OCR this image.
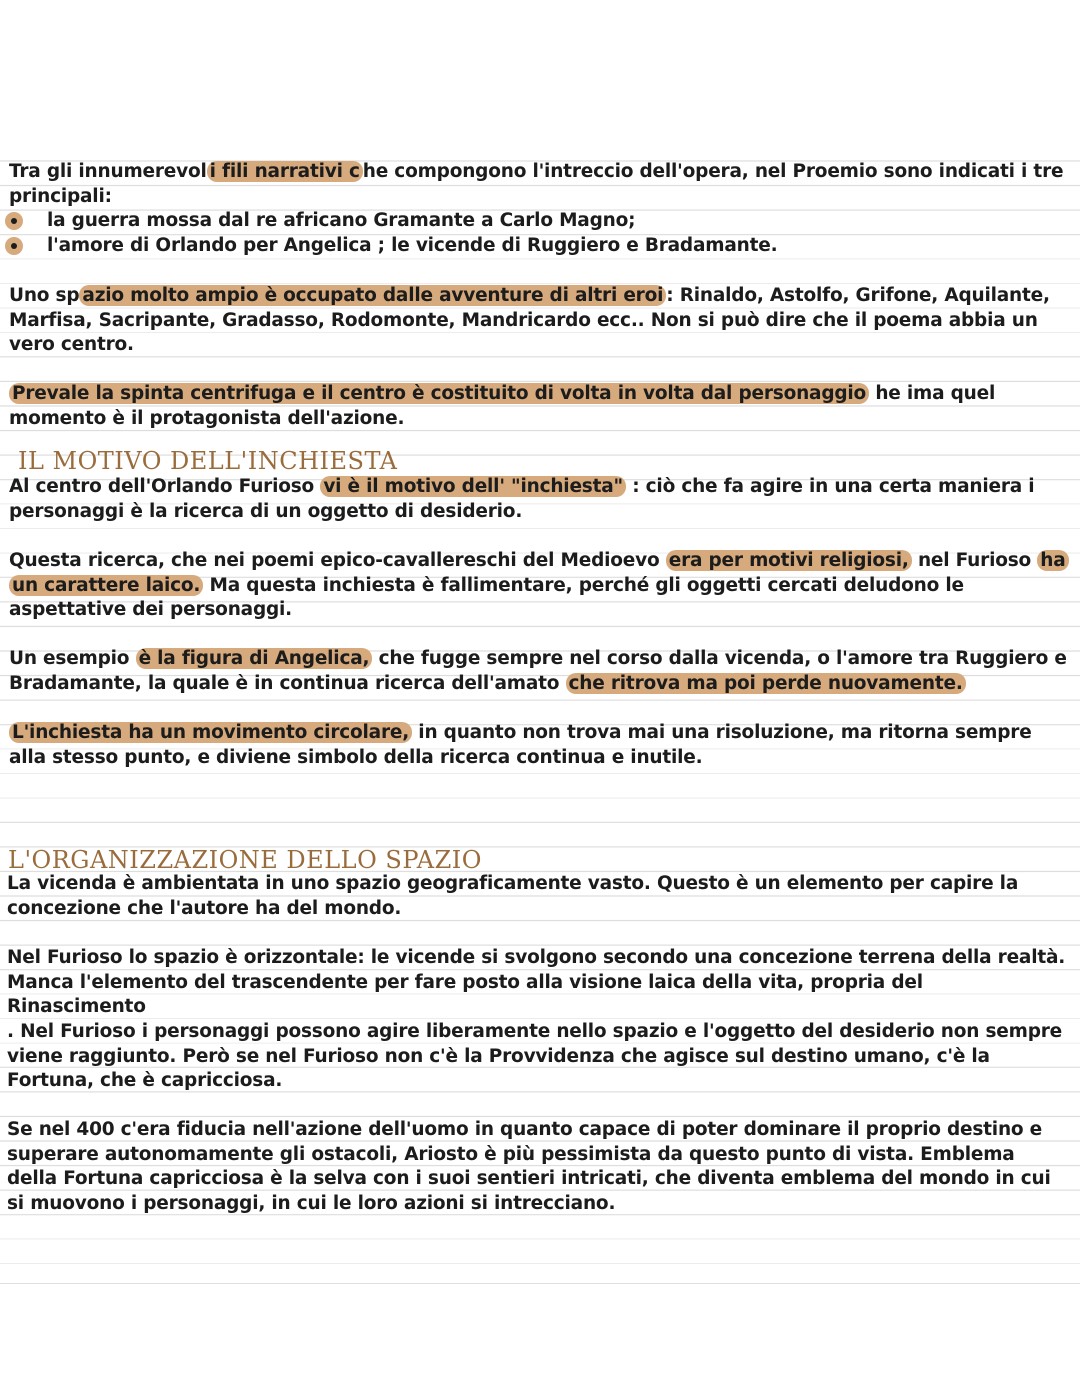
Tra gli innumerevol i fili narrativi c he compongono l'intreccio dell'opera, nel Proemio sono indicati i tre principali:
la guerra mossa dal re africano Gramante a Carlo Magno;
l'amore di Orlando per Angelica ; le vicende di Ruggiero e Bradamante.
Uno sp azio molto ampio è occupato dalle avventure di altri eroi : Rinaldo, Astolfo, Grifone, Aquilante, Marfisa, Sacripante, Gradasso, Rodomonte, Mandricardo ecc.. Non si può dire che il poema abbia un vero centro.
Prevale la spinta centrifuga e il centro è costituito di volta in volta dal personaggio he ima quel momento è il protagonista dell'azione.
IL MOTIVO DELL'INCHIESTA
Al centro dell'Orlando Furioso vi è il motivo dell' "inchiesta" : ciò che fa agire in una certa maniera i personaggi è la ricerca di un oggetto di desiderio.
Questa ricerca, che nei poemi epico-cavallereschi del Medioevo era per motivi religiosi, nel Furioso ha un carattere laico. Ma questa inchiesta è fallimentare, perché gli oggetti cercati deludono le aspettative dei personaggi.
Un esempio è la figura di Angelica, che fugge sempre nel corso dalla vicenda, o l'amore tra Ruggiero e Bradamante, la quale è in continua ricerca dell'amato che ritrova ma poi perde nuovamente.
L'inchiesta ha un movimento circolare, in quanto non trova mai una risoluzione, ma ritorna sempre alla stesso punto, e diviene simbolo della ricerca continua e inutile.
L'ORGANIZZAZIONE DELLO SPAZIO
La vicenda è ambientata in uno spazio geograficamente vasto. Questo è un elemento per capire la concezione che l'autore ha del mondo.
Nel Furioso lo spazio è orizzontale: le vicende si svolgono secondo una concezione terrena della realtà. Manca l'elemento del trascendente per fare posto alla visione laica della vita, propria del Rinascimento
. Nel Furioso i personaggi possono agire liberamente nello spazio e l'oggetto del desiderio non sempre viene raggiunto. Però se nel Furioso non c'è la Provvidenza che agisce sul destino umano, c'è la Fortuna, che è capricciosa.
Se nel 400 c'era fiducia nell'azione dell'uomo in quanto capace di poter dominare il proprio destino e superare autonomamente gli ostacoli, Ariosto è più pessimista da questo punto di vista. Emblema della Fortuna capricciosa è la selva con i suoi sentieri intricati, che diventa emblema del mondo in cui si muovono i personaggi, in cui le loro azioni si intrecciano.
